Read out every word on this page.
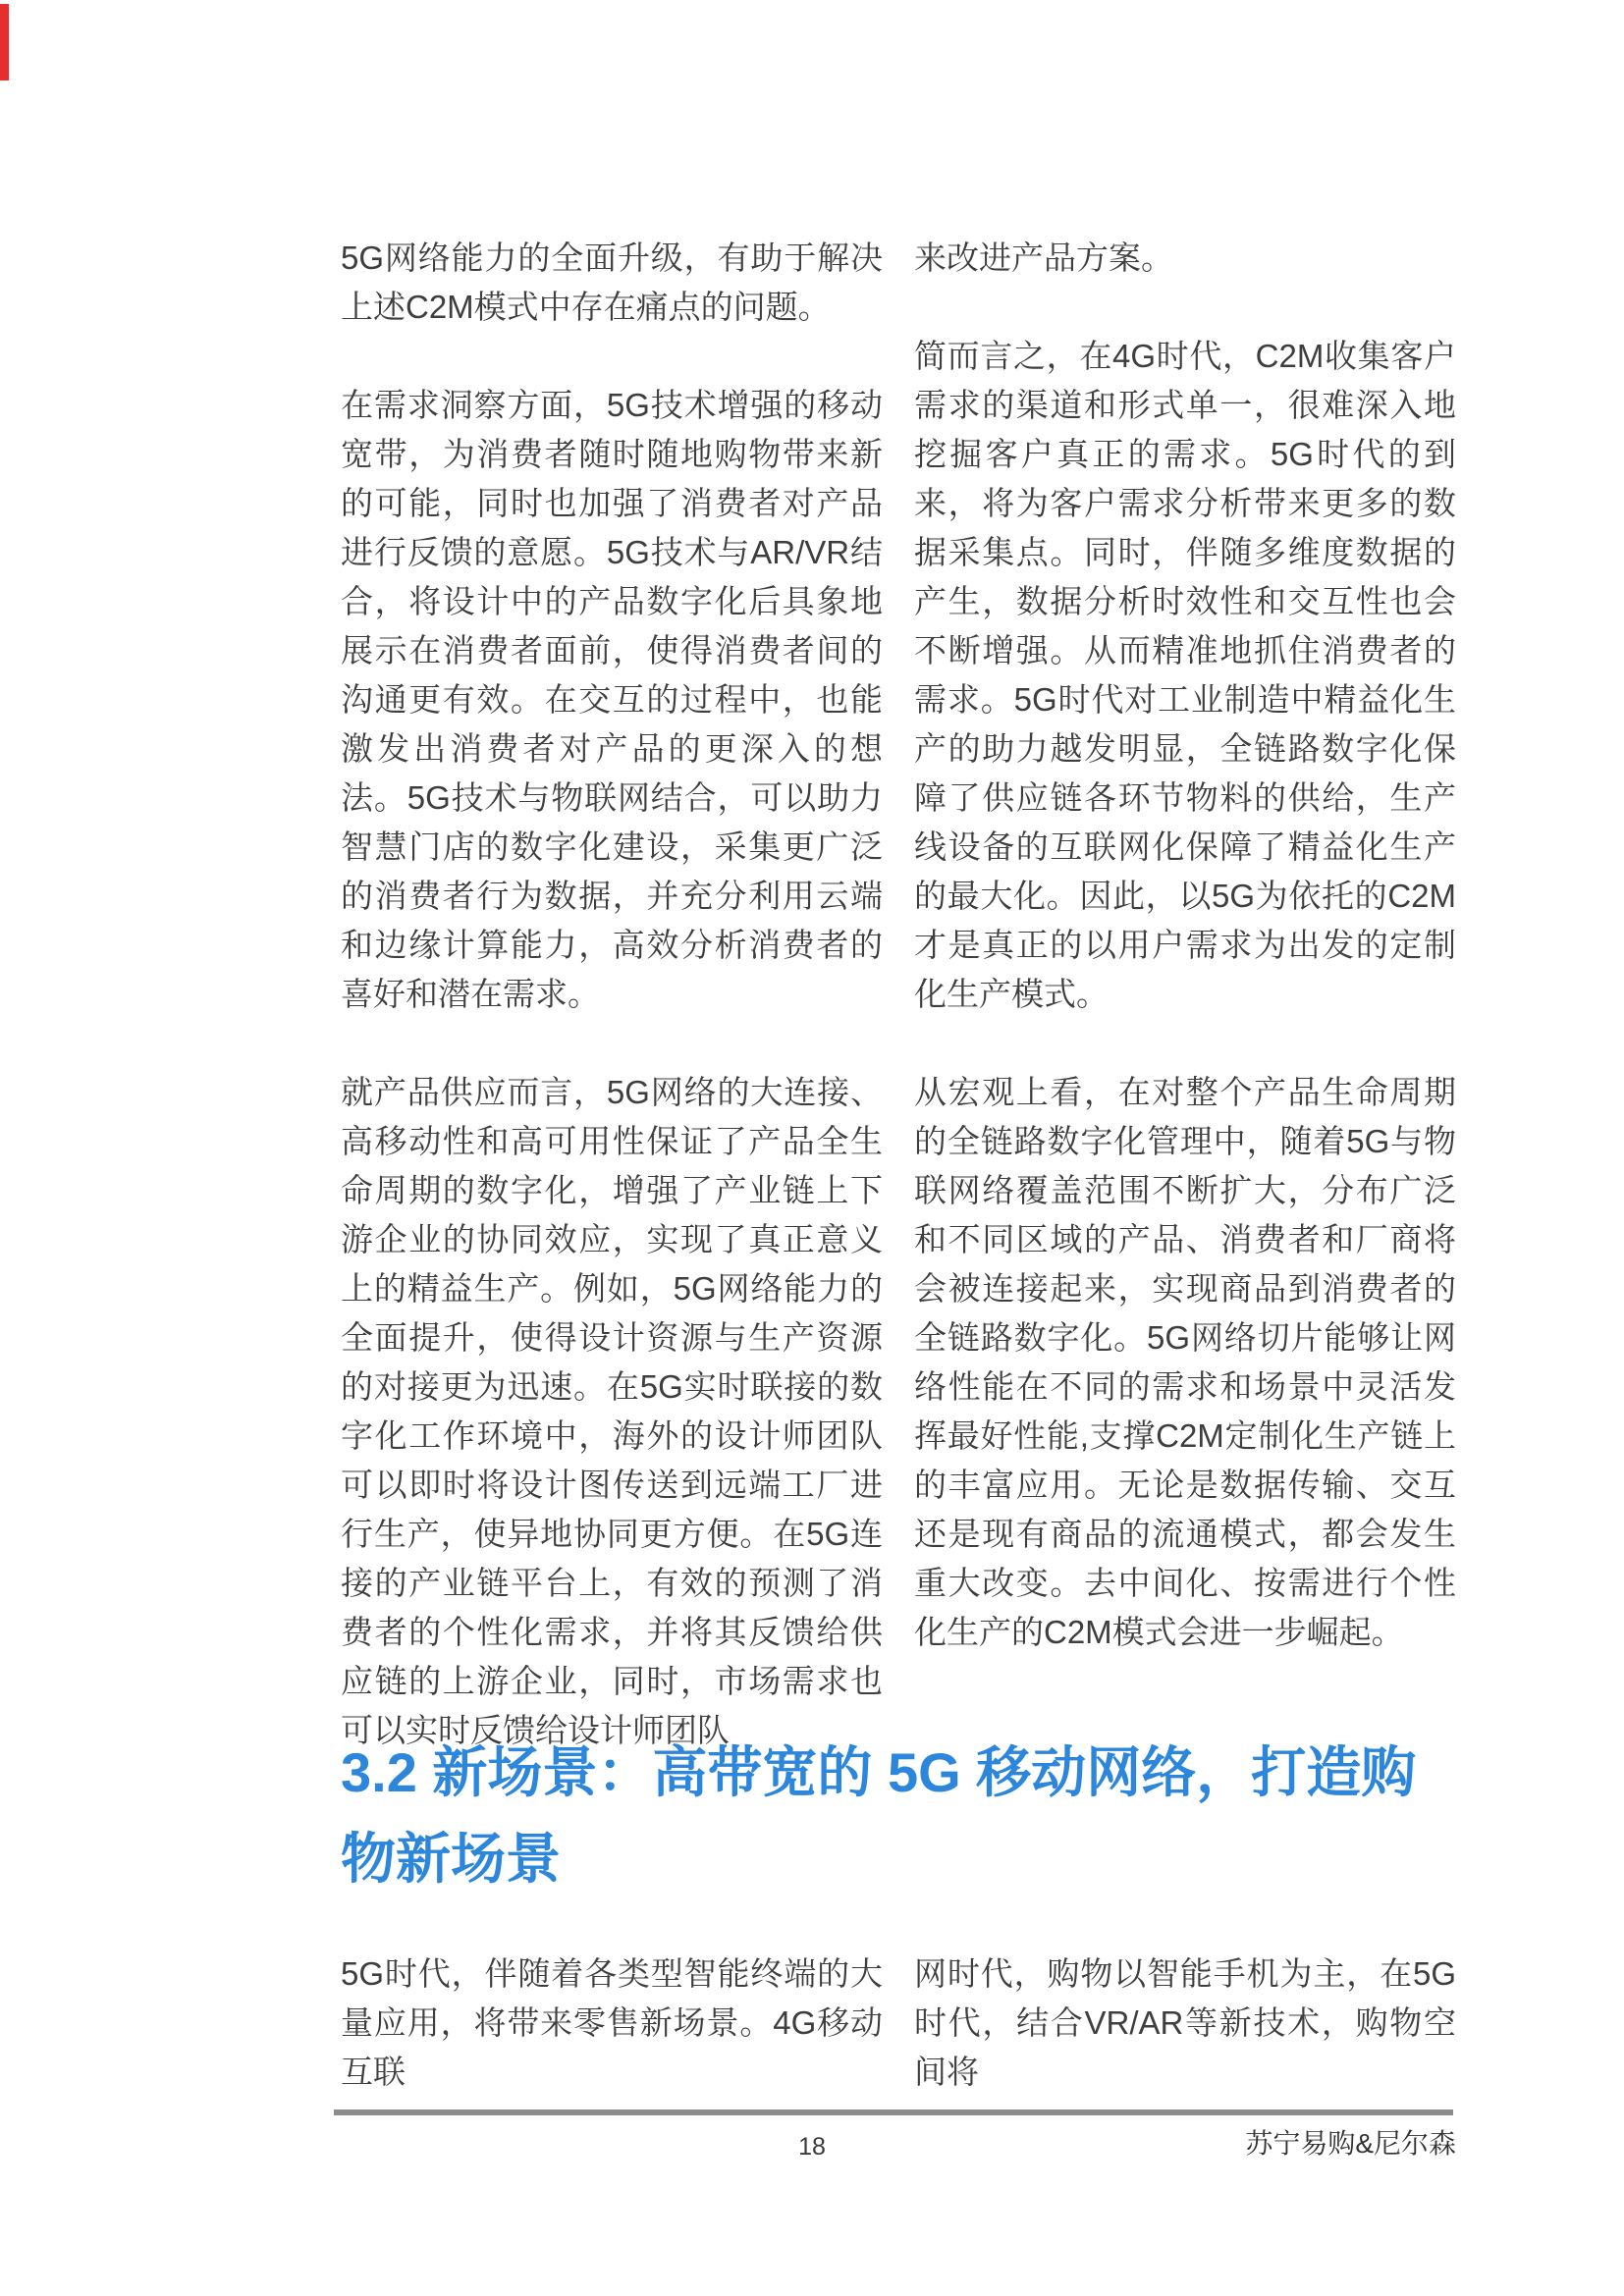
5G网络能力的全面升级，有助于解决上述C2M模式中存在痛点的问题。

在需求洞察方面，5G技术增强的移动宽带，为消费者随时随地购物带来新的可能，同时也加强了消费者对产品进行反馈的意愿。5G技术与AR/VR结合，将设计中的产品数字化后具象地展示在消费者面前，使得消费者间的沟通更有效。在交互的过程中，也能激发出消费者对产品的更深入的想法。5G技术与物联网结合，可以助力智慧门店的数字化建设，采集更广泛的消费者行为数据，并充分利用云端和边缘计算能力，高效分析消费者的喜好和潜在需求。

就产品供应而言，5G网络的大连接、高移动性和高可用性保证了产品全生命周期的数字化，增强了产业链上下游企业的协同效应，实现了真正意义上的精益生产。例如，5G网络能力的全面提升，使得设计资源与生产资源的对接更为迅速。在5G实时联接的数字化工作环境中，海外的设计师团队可以即时将设计图传送到远端工厂进行生产，使异地协同更方便。在5G连接的产业链平台上，有效的预测了消费者的个性化需求，并将其反馈给供应链的上游企业，同时，市场需求也可以实时反馈给设计师团队

来改进产品方案。

简而言之，在4G时代，C2M收集客户需求的渠道和形式单一，很难深入地挖掘客户真正的需求。5G时代的到来，将为客户需求分析带来更多的数据采集点。同时，伴随多维度数据的产生，数据分析时效性和交互性也会不断增强。从而精准地抓住消费者的需求。5G时代对工业制造中精益化生产的助力越发明显，全链路数字化保障了供应链各环节物料的供给，生产线设备的互联网化保障了精益化生产的最大化。因此，以5G为依托的C2M才是真正的以用户需求为出发的定制化生产模式。

从宏观上看，在对整个产品生命周期的全链路数字化管理中，随着5G与物联网络覆盖范围不断扩大，分布广泛和不同区域的产品、消费者和厂商将会被连接起来，实现商品到消费者的全链路数字化。5G网络切片能够让网络性能在不同的需求和场景中灵活发挥最好性能,支撑C2M定制化生产链上的丰富应用。无论是数据传输、交互还是现有商品的流通模式，都会发生重大改变。去中间化、按需进行个性化生产的C2M模式会进一步崛起。

3.2 新场景：高带宽的 5G 移动网络，打造购物新场景

5G时代，伴随着各类型智能终端的大量应用，将带来零售新场景。4G移动互联

网时代，购物以智能手机为主，在5G时代，结合VR/AR等新技术，购物空间将

18	苏宁易购&尼尔森
